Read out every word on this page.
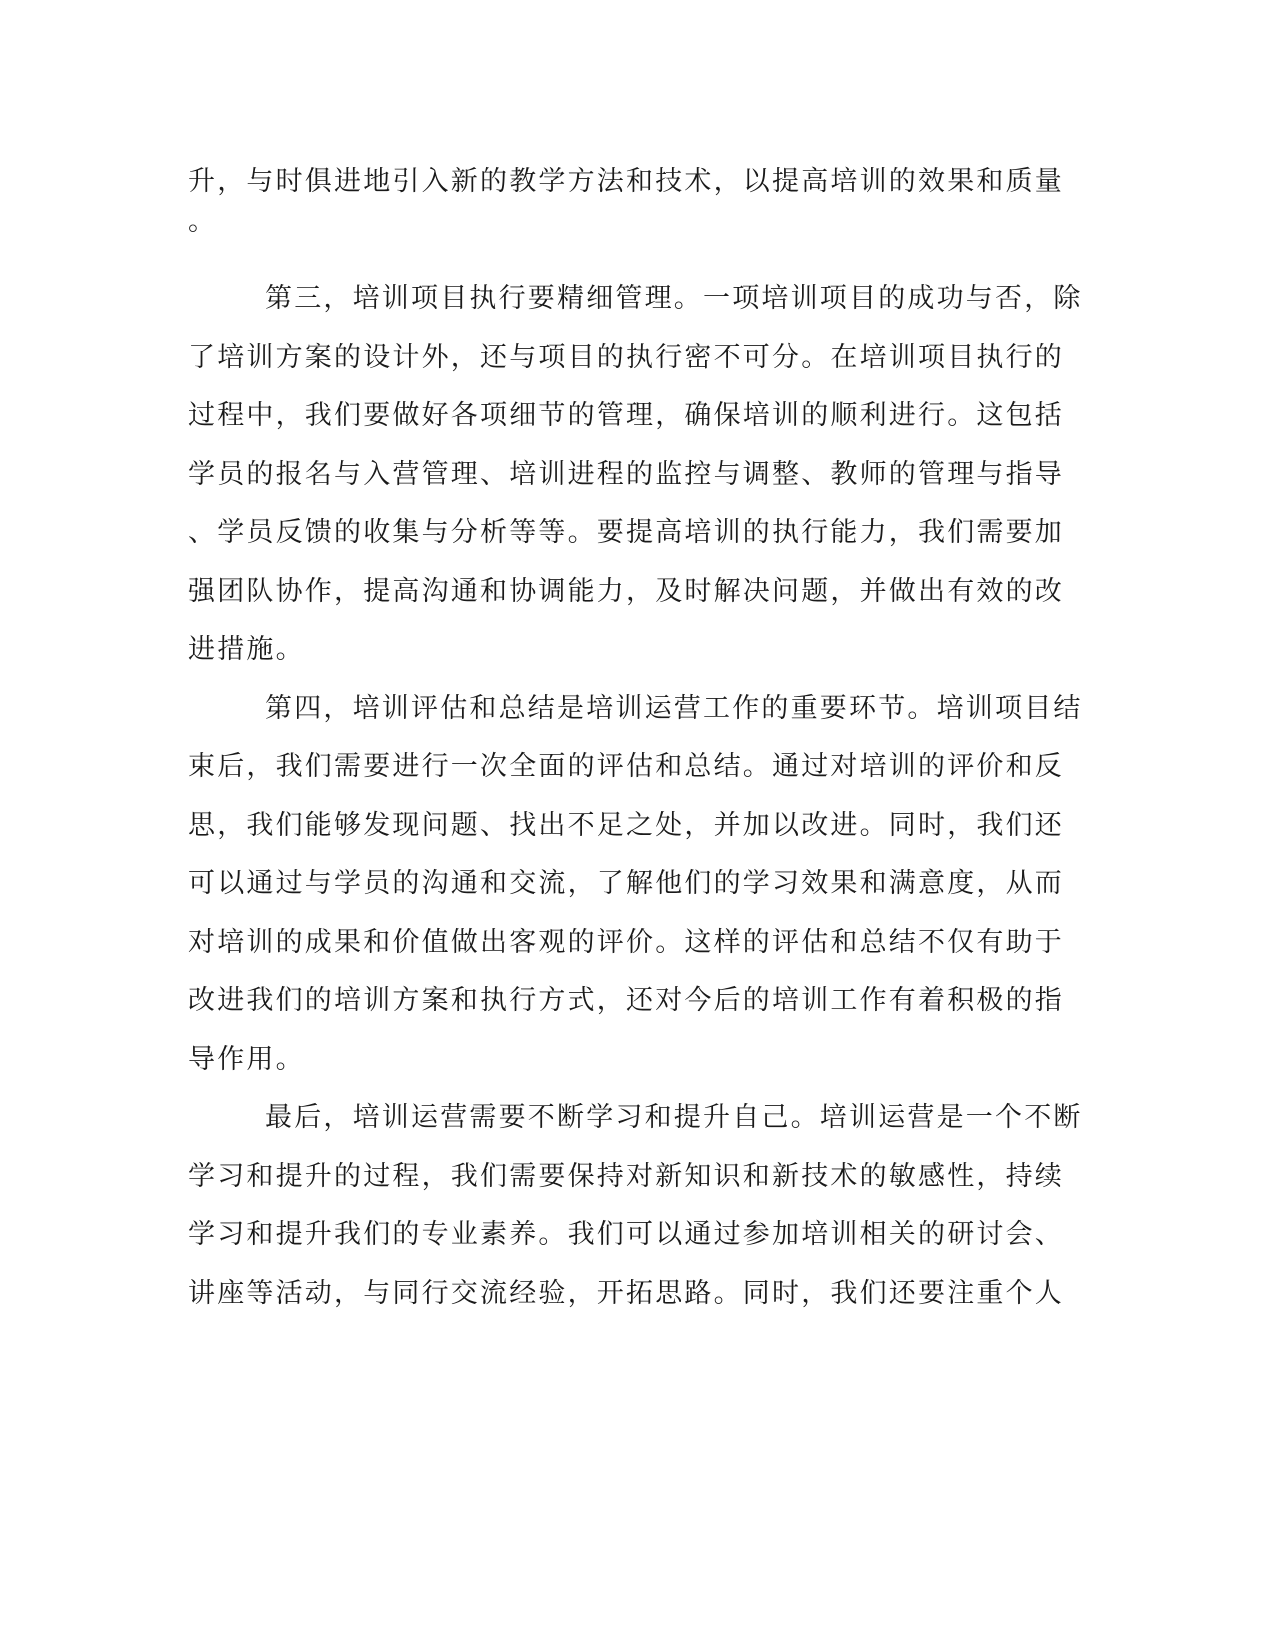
升，与时俱进地引入新的教学方法和技术，以提高培训的效果和质量
。
第三，培训项目执行要精细管理。一项培训项目的成功与否，除
了培训方案的设计外，还与项目的执行密不可分。在培训项目执行的
过程中，我们要做好各项细节的管理，确保培训的顺利进行。这包括
学员的报名与入营管理、培训进程的监控与调整、教师的管理与指导
、学员反馈的收集与分析等等。要提高培训的执行能力，我们需要加
强团队协作，提高沟通和协调能力，及时解决问题，并做出有效的改
进措施。
第四，培训评估和总结是培训运营工作的重要环节。培训项目结
束后，我们需要进行一次全面的评估和总结。通过对培训的评价和反
思，我们能够发现问题、找出不足之处，并加以改进。同时，我们还
可以通过与学员的沟通和交流，了解他们的学习效果和满意度，从而
对培训的成果和价值做出客观的评价。这样的评估和总结不仅有助于
改进我们的培训方案和执行方式，还对今后的培训工作有着积极的指
导作用。
最后，培训运营需要不断学习和提升自己。培训运营是一个不断
学习和提升的过程，我们需要保持对新知识和新技术的敏感性，持续
学习和提升我们的专业素养。我们可以通过参加培训相关的研讨会、
讲座等活动，与同行交流经验，开拓思路。同时，我们还要注重个人
